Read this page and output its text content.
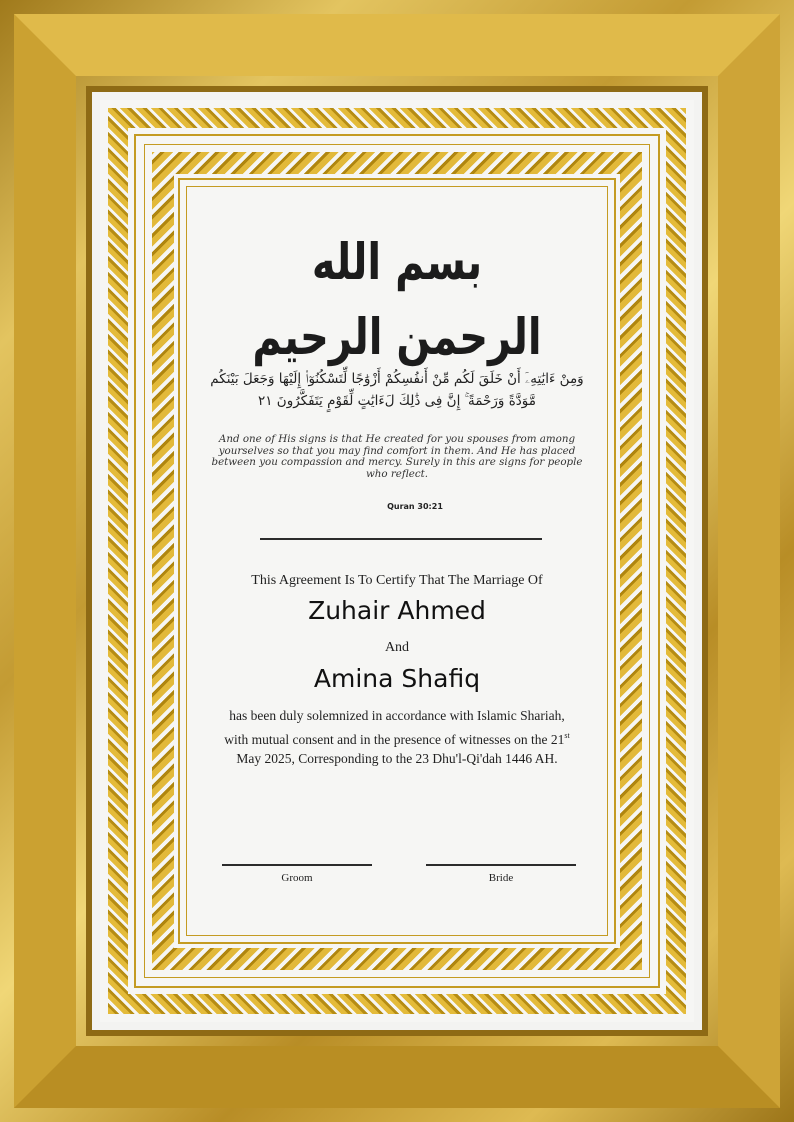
بسم الله الرحمن الرحيم
وَمِنْ ءَايَٰتِهِۦٓ أَنْ خَلَقَ لَكُم مِّنْ أَنفُسِكُمْ أَزْوَٰجًا لِّتَسْكُنُوٓا۟ إِلَيْهَا وَجَعَلَ بَيْنَكُم مَّوَدَّةً وَرَحْمَةً ۚ إِنَّ فِى ذَٰلِكَ لَءَايَٰتٍ لِّقَوْمٍ يَتَفَكَّرُونَ ٢١
And one of His signs is that He created for you spouses from among yourselves so that you may find comfort in them. And He has placed between you compassion and mercy. Surely in this are signs for people who reflect.
Quran 30:21
This Agreement Is To Certify That The Marriage Of
Zuhair Ahmed
And
Amina Shafiq
has been duly solemnized in accordance with Islamic Shariah,
with mutual consent and in the presence of witnesses on the 21st
May 2025, Corresponding to the 23 Dhu'l-Qi'dah 1446 AH.
Groom	Bride
